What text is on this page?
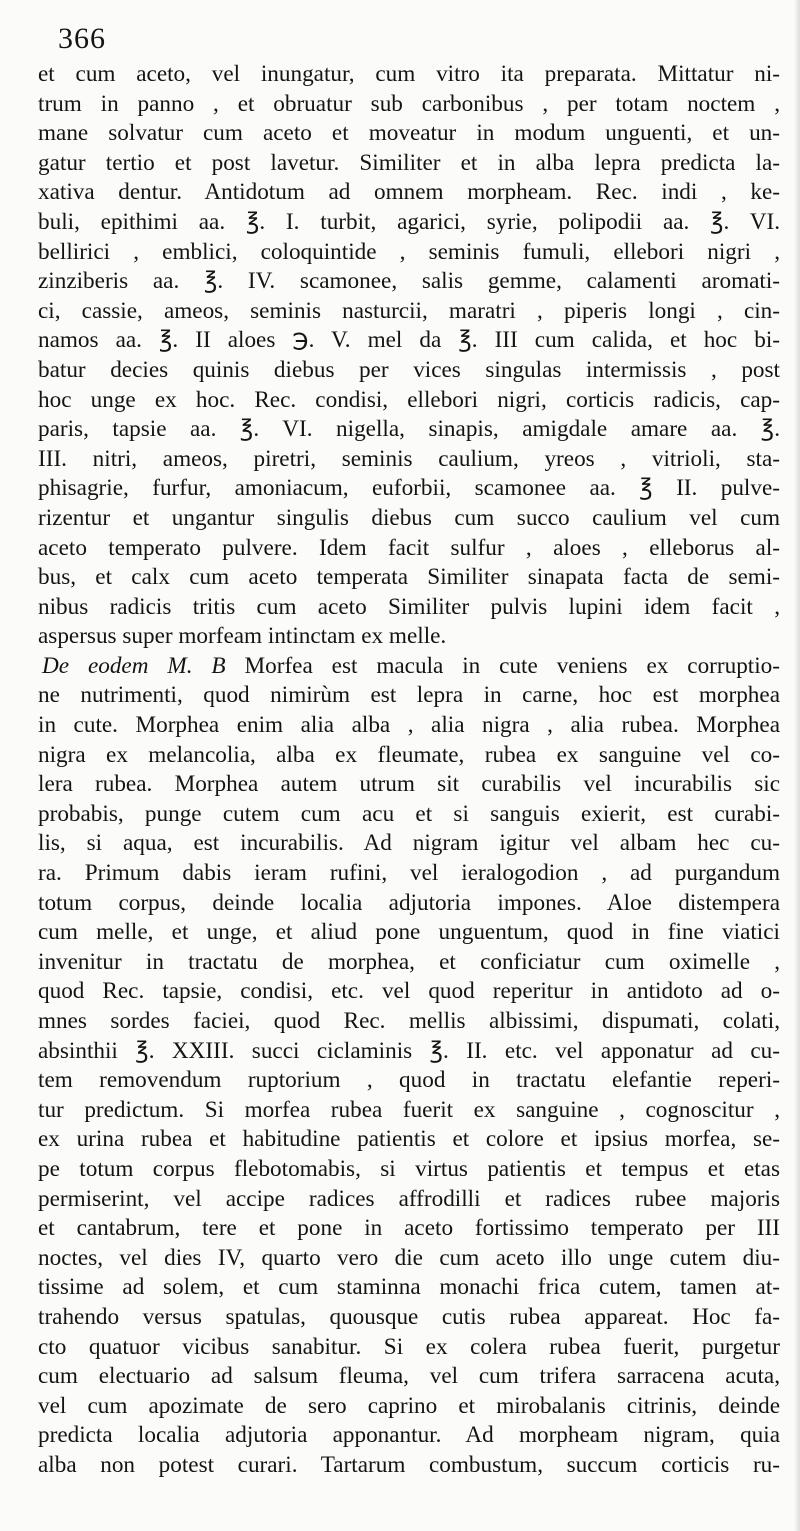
366
et cum aceto, vel inungatur, cum vitro ita preparata. Mittatur ni-
trum in panno , et obruatur sub carbonibus , per totam noctem ,
mane solvatur cum aceto et moveatur in modum unguenti, et un-
gatur tertio et post lavetur. Similiter et in alba lepra predicta la-
xativa dentur. Antidotum ad omnem morpheam. Rec. indi , ke-
buli, epithimi aa. ℥. I. turbit, agarici, syrie, polipodii aa. ℥. VI.
bellirici , emblici, coloquintide , seminis fumuli, ellebori nigri ,
zinziberis aa. ℥. IV. scamonee, salis gemme, calamenti aromati-
ci, cassie, ameos, seminis nasturcii, maratri , piperis longi , cin-
namos aa. ℥. II aloes ℈. V. mel da ℥. III cum calida, et hoc bi-
batur decies quinis diebus per vices singulas intermissis , post
hoc unge ex hoc. Rec. condisi, ellebori nigri, corticis radicis, cap-
paris, tapsie aa. ℥. VI. nigella, sinapis, amigdale amare aa. ℥.
III. nitri, ameos, piretri, seminis caulium, yreos , vitrioli, sta-
phisagrie, furfur, amoniacum, euforbii, scamonee aa. ℥ II. pulve-
rizentur et ungantur singulis diebus cum succo caulium vel cum
aceto temperato pulvere. Idem facit sulfur , aloes , elleborus al-
bus, et calx cum aceto temperata Similiter sinapata facta de semi-
nibus radicis tritis cum aceto Similiter pulvis lupini idem facit ,
aspersus super morfeam intinctam ex melle.
De eodem M. B Morfea est macula in cute veniens ex corruptio-
ne nutrimenti, quod nimirùm est lepra in carne, hoc est morphea
in cute. Morphea enim alia alba , alia nigra , alia rubea. Morphea
nigra ex melancolia, alba ex fleumate, rubea ex sanguine vel co-
lera rubea. Morphea autem utrum sit curabilis vel incurabilis sic
probabis, punge cutem cum acu et si sanguis exierit, est curabi-
lis, si aqua, est incurabilis. Ad nigram igitur vel albam hec cu-
ra. Primum dabis ieram rufini, vel ieralogodion , ad purgandum
totum corpus, deinde localia adjutoria impones. Aloe distempera
cum melle, et unge, et aliud pone unguentum, quod in fine viatici
invenitur in tractatu de morphea, et conficiatur cum oximelle ,
quod Rec. tapsie, condisi, etc. vel quod reperitur in antidoto ad o-
mnes sordes faciei, quod Rec. mellis albissimi, dispumati, colati,
absinthii ℥. XXIII. succi ciclaminis ℥. II. etc. vel apponatur ad cu-
tem removendum ruptorium , quod in tractatu elefantie reperi-
tur predictum. Si morfea rubea fuerit ex sanguine , cognoscitur ,
ex urina rubea et habitudine patientis et colore et ipsius morfea, se-
pe totum corpus flebotomabis, si virtus patientis et tempus et etas
permiserint, vel accipe radices affrodilli et radices rubee majoris
et cantabrum, tere et pone in aceto fortissimo temperato per III
noctes, vel dies IV, quarto vero die cum aceto illo unge cutem diu-
tissime ad solem, et cum staminna monachi frica cutem, tamen at-
trahendo versus spatulas, quousque cutis rubea appareat. Hoc fa-
cto quatuor vicibus sanabitur. Si ex colera rubea fuerit, purgetur
cum electuario ad salsum fleuma, vel cum trifera sarracena acuta,
vel cum apozimate de sero caprino et mirobalanis citrinis, deinde
predicta localia adjutoria apponantur. Ad morpheam nigram, quia
alba non potest curari. Tartarum combustum, succum corticis ru-
